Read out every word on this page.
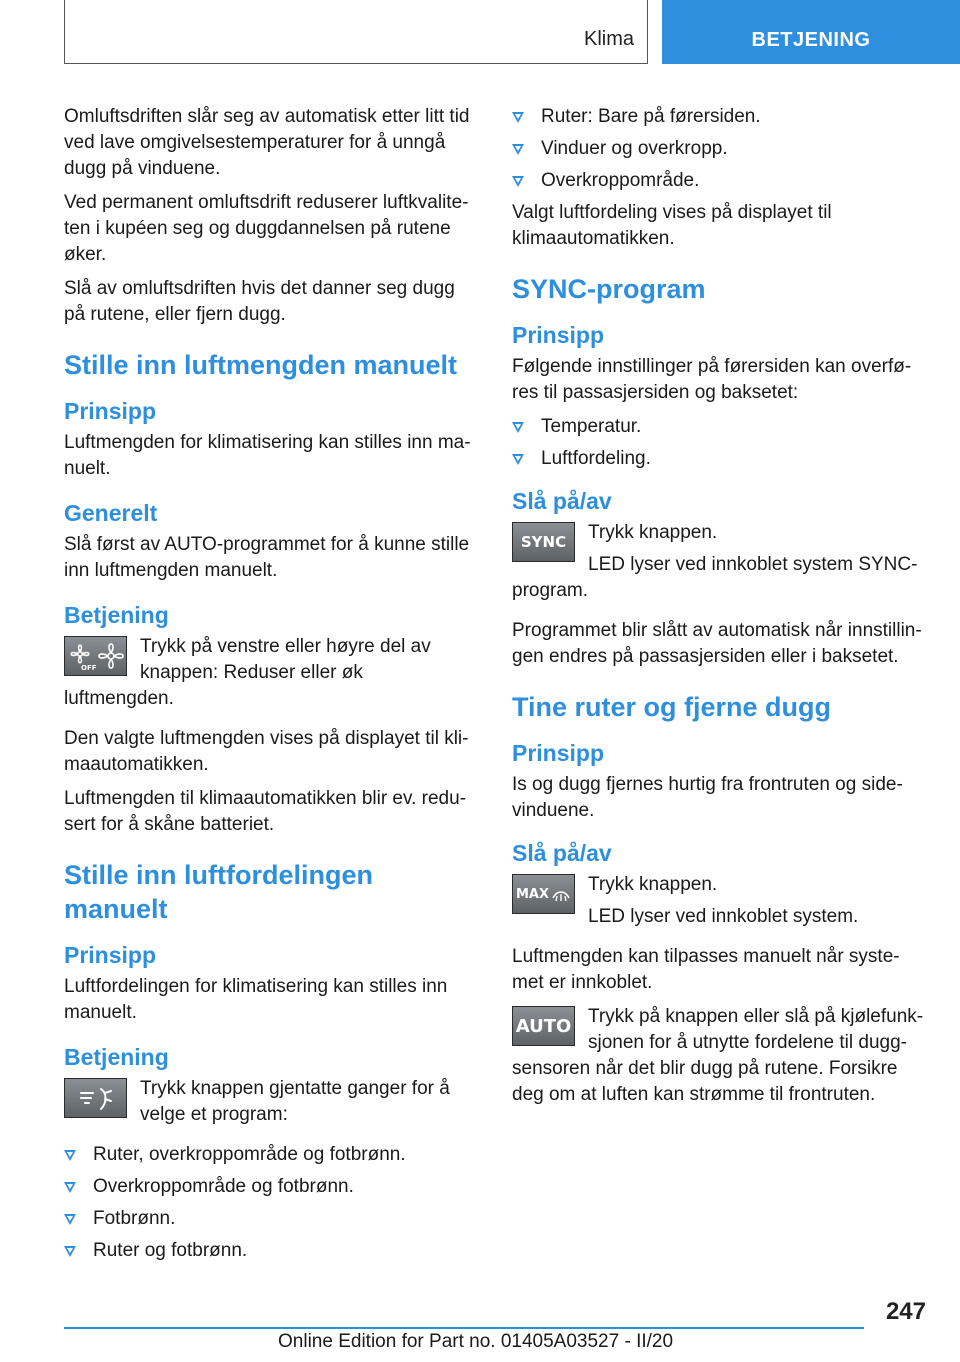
Klima	BETJENING

Omluftsdriften slår seg av automatisk etter litt tid ved lave omgivelsestemperaturer for å unngå dugg på vinduene.

Ved permanent omluftsdrift reduserer luftkvaliteten i kupéen seg og duggdannelsen på rutene øker.

Slå av omluftsdriften hvis det danner seg dugg på rutene, eller fjern dugg.

Stille inn luftmengden manuelt
Prinsipp

Luftmengden for klimatisering kan stilles inn manuelt.

Generelt

Slå først av AUTO-programmet for å kunne stille inn luftmengden manuelt.

Betjening
OFF

Trykk på venstre eller høyre del av knappen: Reduser eller øk luftmengden.

Den valgte luftmengden vises på displayet til klimaautomatikken.

Luftmengden til klimaautomatikken blir ev. redusert for å skåne batteriet.

Stille inn luftfordelingen manuelt
Prinsipp

Luftfordelingen for klimatisering kan stilles inn manuelt.

Betjening

Trykk knappen gjentatte ganger for å velge et program:

Ruter, overkroppområde og fotbrønn.
Overkroppområde og fotbrønn.
Fotbrønn.
Ruter og fotbrønn.
Ruter: Bare på førersiden.
Vinduer og overkropp.
Overkroppområde.

Valgt luftfordeling vises på displayet til klimaautomatikken.

SYNC-program
Prinsipp

Følgende innstillinger på førersiden kan overføres til passasjersiden og baksetet:

Temperatur.
Luftfordeling.
Slå på/av
SYNC	Trykk knappen.

LED lyser ved innkoblet system SYNC-program.

Programmet blir slått av automatisk når innstillingen endres på passasjersiden eller i baksetet.

Tine ruter og fjerne dugg
Prinsipp

Is og dugg fjernes hurtig fra frontruten og sidevinduene.

Slå på/av
MAX	Trykk knappen.

LED lyser ved innkoblet system.

Luftmengden kan tilpasses manuelt når systemet er innkoblet.

AUTO Trykk på knappen eller slå på kjølefunksjonen for å utnytte fordelene til duggsensoren når det blir dugg på rutene. Forsikre deg om at luften kan strømme til frontruten.

247
Online Edition for Part no. 01405A03527 - II/20
